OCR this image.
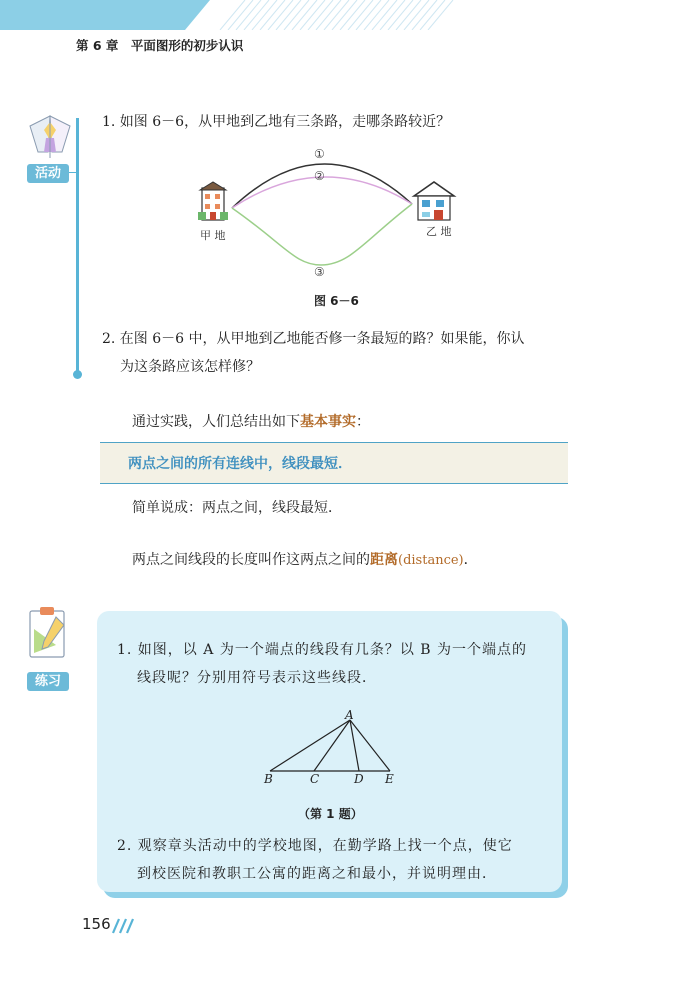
第 6 章　平面图形的初步认识
活动
1. 如图 6－6，从甲地到乙地有三条路，走哪条路较近？
①
②
③
甲 地	乙 地
图 6－6
2. 在图 6－6 中，从甲地到乙地能否修一条最短的路？如果能，你认
为这条路应该怎样修？
通过实践，人们总结出如下基本事实：
两点之间的所有连线中，线段最短．
简单说成：两点之间，线段最短．
两点之间线段的长度叫作这两点之间的距离(distance)．
练习
1. 如图，以 A 为一个端点的线段有几条？以 B 为一个端点的
线段呢？分别用符号表示这些线段．
A
B	C	D E
（第 1 题）
2. 观察章头活动中的学校地图，在勤学路上找一个点，使它
到校医院和教职工公寓的距离之和最小，并说明理由．
156
